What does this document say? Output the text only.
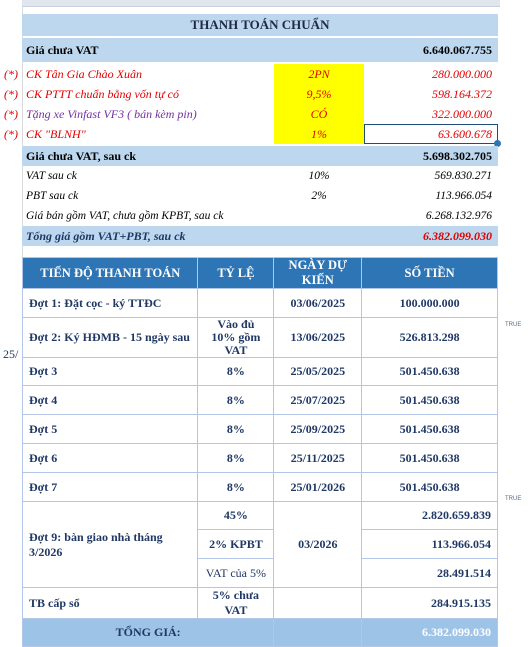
THANH TOÁN CHUẨN
Giá chưa VAT	6.640.067.755
(*) CK Tân Gia Chào Xuân	2PN	280.000.000
(*) CK PTTT chuẩn bằng vốn tự có	9,5%	598.164.372
(*) Tặng xe Vinfast VF3 ( bán kèm pin)	CÓ	322.000.000
(*) CK "BLNH"	1%	63.600.678
Giá chưa VAT, sau ck	5.698.302.705
VAT sau ck	10%	569.830.271
PBT sau ck	2%	113.966.054
Giá bán gồm VAT, chưa gồm KPBT, sau ck	6.268.132.976
Tổng giá gồm VAT+PBT, sau ck	6.382.099.030
TIẾN ĐỘ THANH TOÁN	TỶ LỆ	NGÀY DỰ KIẾN	SỐ TIỀN
Đợt 1: Đặt cọc - ký TTĐC		03/06/2025	100.000.000
Đợt 2: Ký HĐMB - 15 ngày sau	Vào đủ 10% gồm VAT	13/06/2025	526.813.298
Đợt 3	8%	25/05/2025	501.450.638
Đợt 4	8%	25/07/2025	501.450.638
Đợt 5	8%	25/09/2025	501.450.638
Đợt 6	8%	25/11/2025	501.450.638
Đợt 7	8%	25/01/2026	501.450.638
Đợt 9: bàn giao nhà tháng 3/2026	45%	03/2026	2.820.659.839
	2% KPBT		113.966.054
	VAT của 5%		28.491.514
TB cấp sổ	5% chưa VAT		284.915.135
TỔNG GIÁ:			6.382.099.030
TRUE
TRUE
25/
